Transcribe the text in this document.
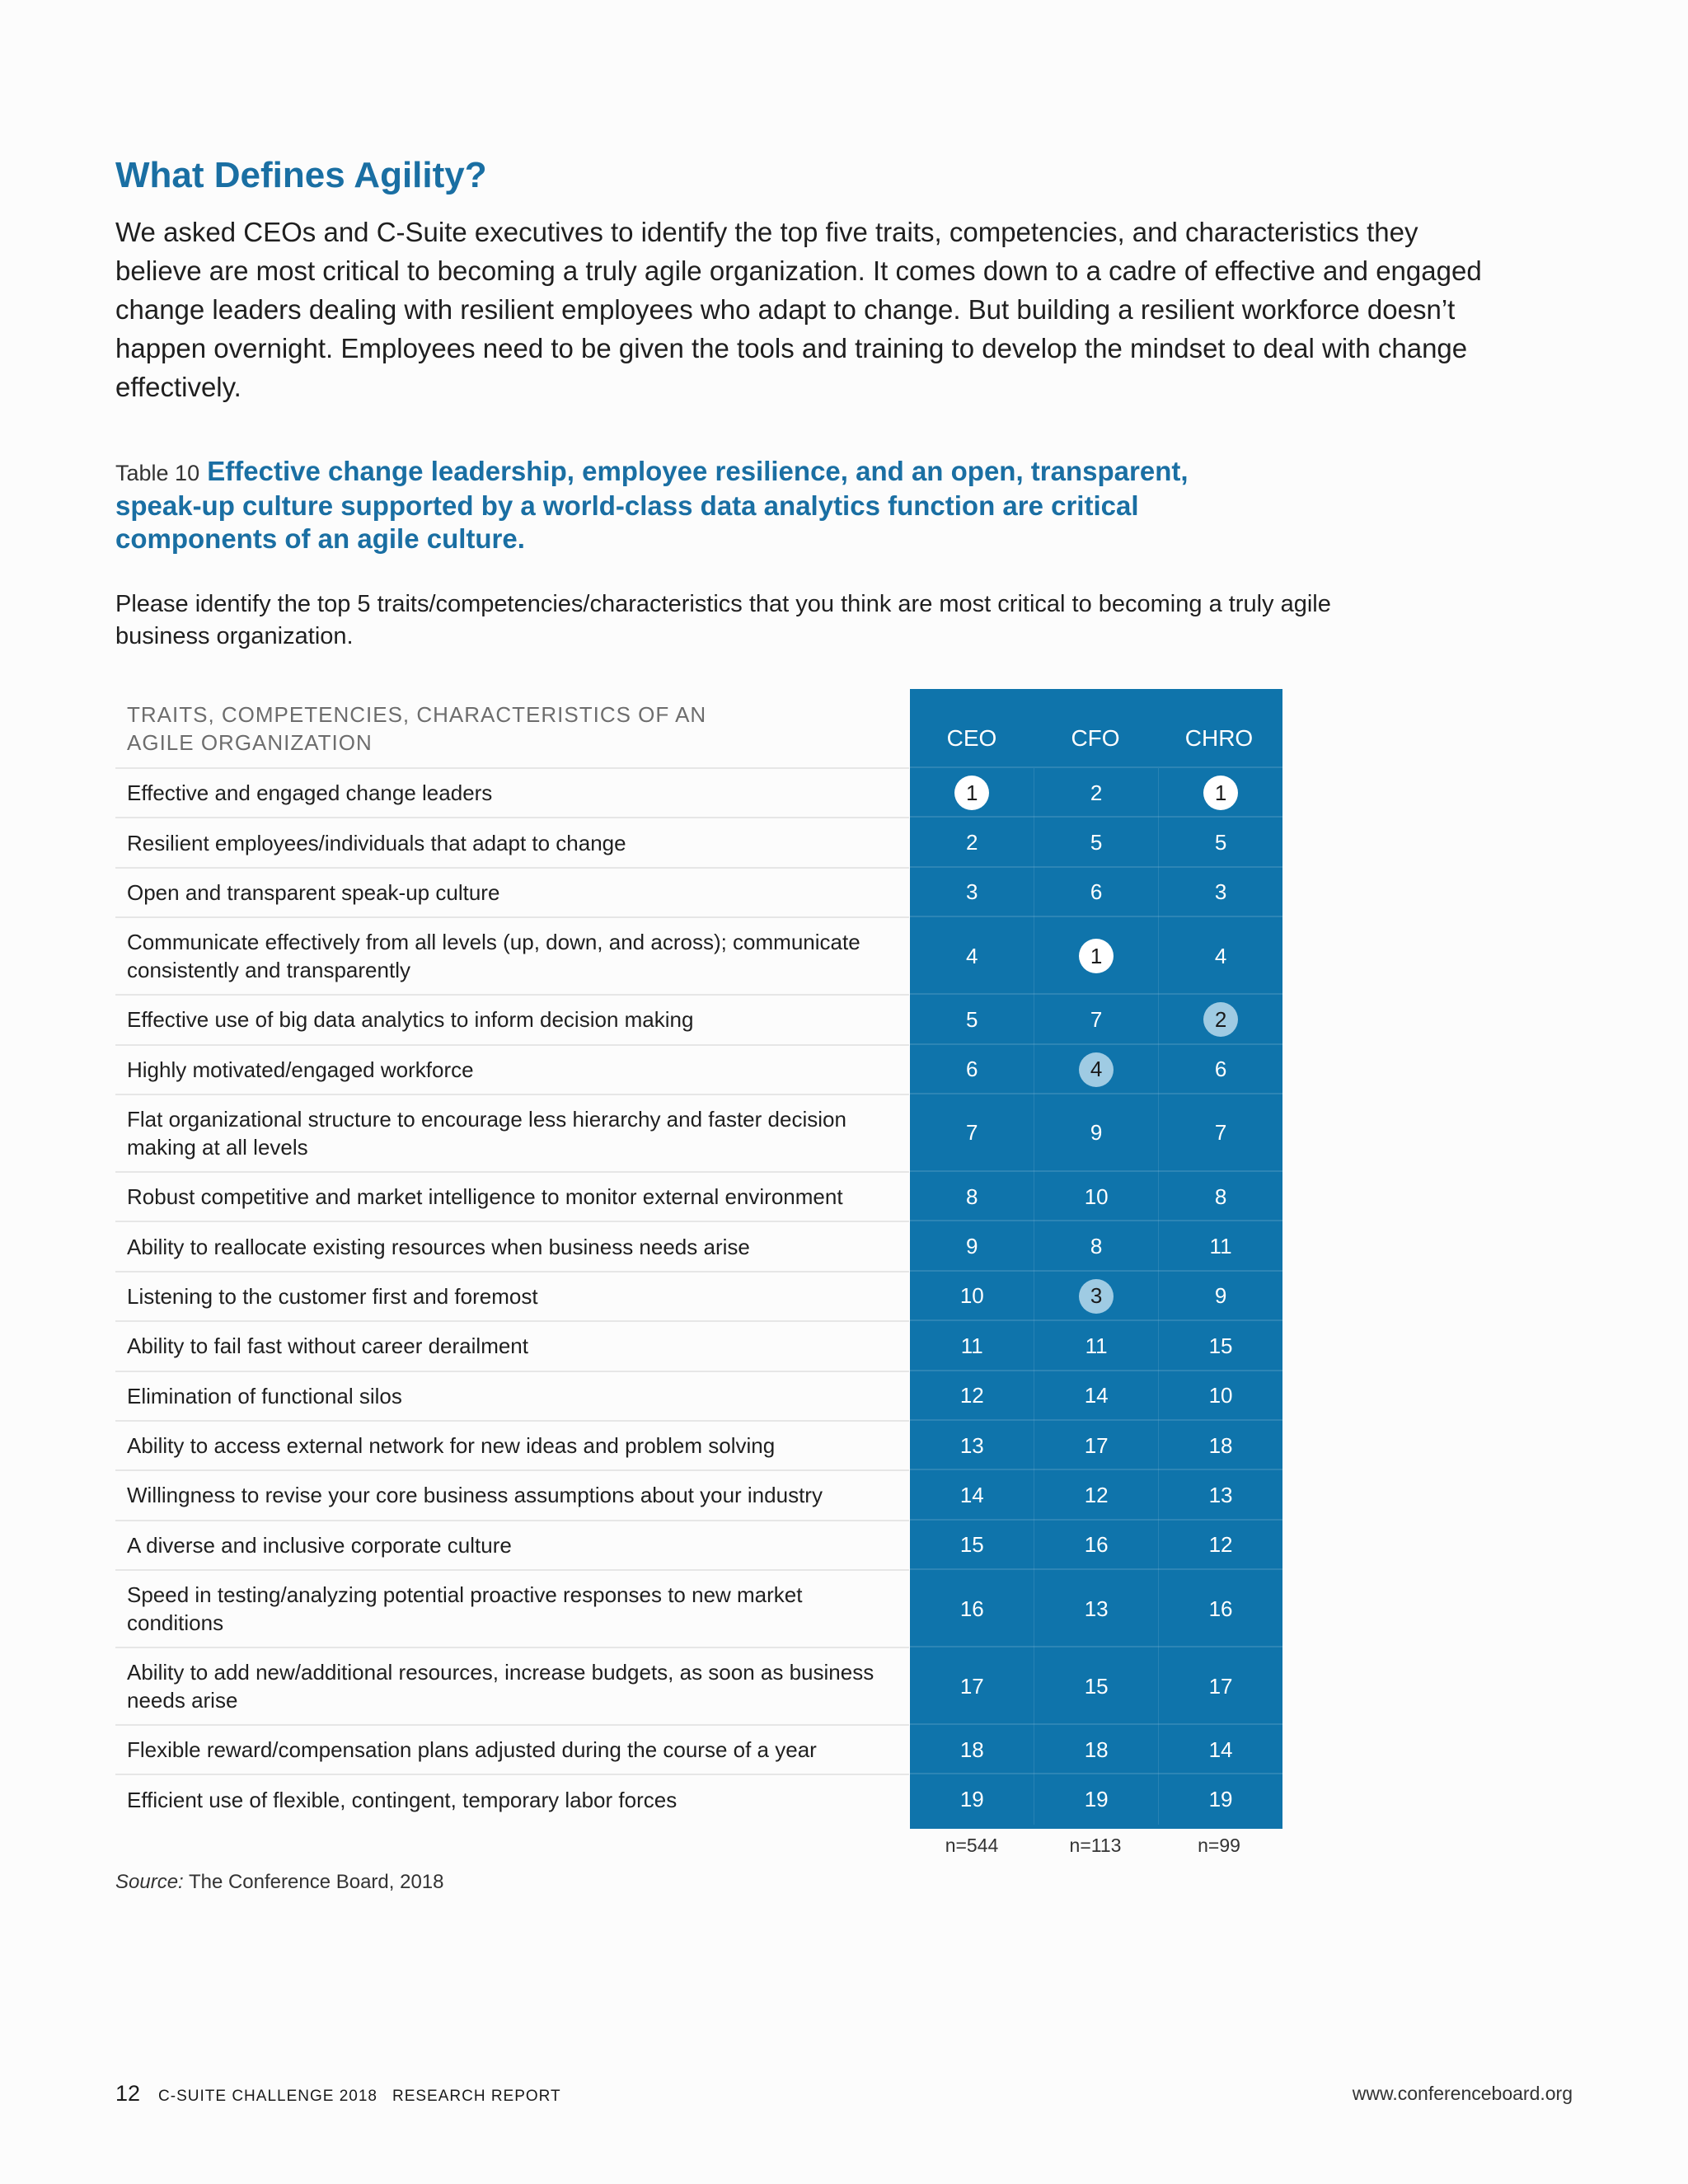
What Defines Agility?

We asked CEOs and C-Suite executives to identify the top five traits, competencies, and characteristics they believe are most critical to becoming a truly agile organization. It comes down to a cadre of effective and engaged change leaders dealing with resilient employees who adapt to change. But building a resilient workforce doesn’t happen overnight. Employees need to be given the tools and training to develop the mindset to deal with change effectively.

Table 10 Effective change leadership, employee resilience, and an open, transparent, speak-up culture supported by a world-class data analytics function are critical components of an agile culture.

Please identify the top 5 traits/competencies/characteristics that you think are most critical to becoming a truly agile business organization.

TRAITS, COMPETENCIES, CHARACTERISTICS OF AN AGILE ORGANIZATION	CEO	CFO	CHRO
Effective and engaged change leaders	1	2	1
Resilient employees/individuals that adapt to change	2	5	5
Open and transparent speak-up culture	3	6	3
Communicate effectively from all levels (up, down, and across); communicate consistently and transparently
4	1	4
Effective use of big data analytics to inform decision making	5	7	2
Highly motivated/engaged workforce	6	4	6
Flat organizational structure to encourage less hierarchy and faster decision making at all levels
7	9	7
Robust competitive and market intelligence to monitor external environment	8	10	8
Ability to reallocate existing resources when business needs arise	9	8	11
Listening to the customer first and foremost	10	3	9
Ability to fail fast without career derailment	11	11	15
Elimination of functional silos	12	14	10
Ability to access external network for new ideas and problem solving	13	17	18
Willingness to revise your core business assumptions about your industry	14	12	13
A diverse and inclusive corporate culture	15	16	12
Speed in testing/analyzing potential proactive responses to new market conditions
16	13	16
Ability to add new/additional resources, increase budgets, as soon as business needs arise
17	15	17
Flexible reward/compensation plans adjusted during the course of a year	18	18	14
Efficient use of flexible, contingent, temporary labor forces	19	19	19
n=544	n=113	n=99
Source: The Conference Board, 2018
12 C-SUITE CHALLENGE 2018 RESEARCH REPORT	www.conferenceboard.org
